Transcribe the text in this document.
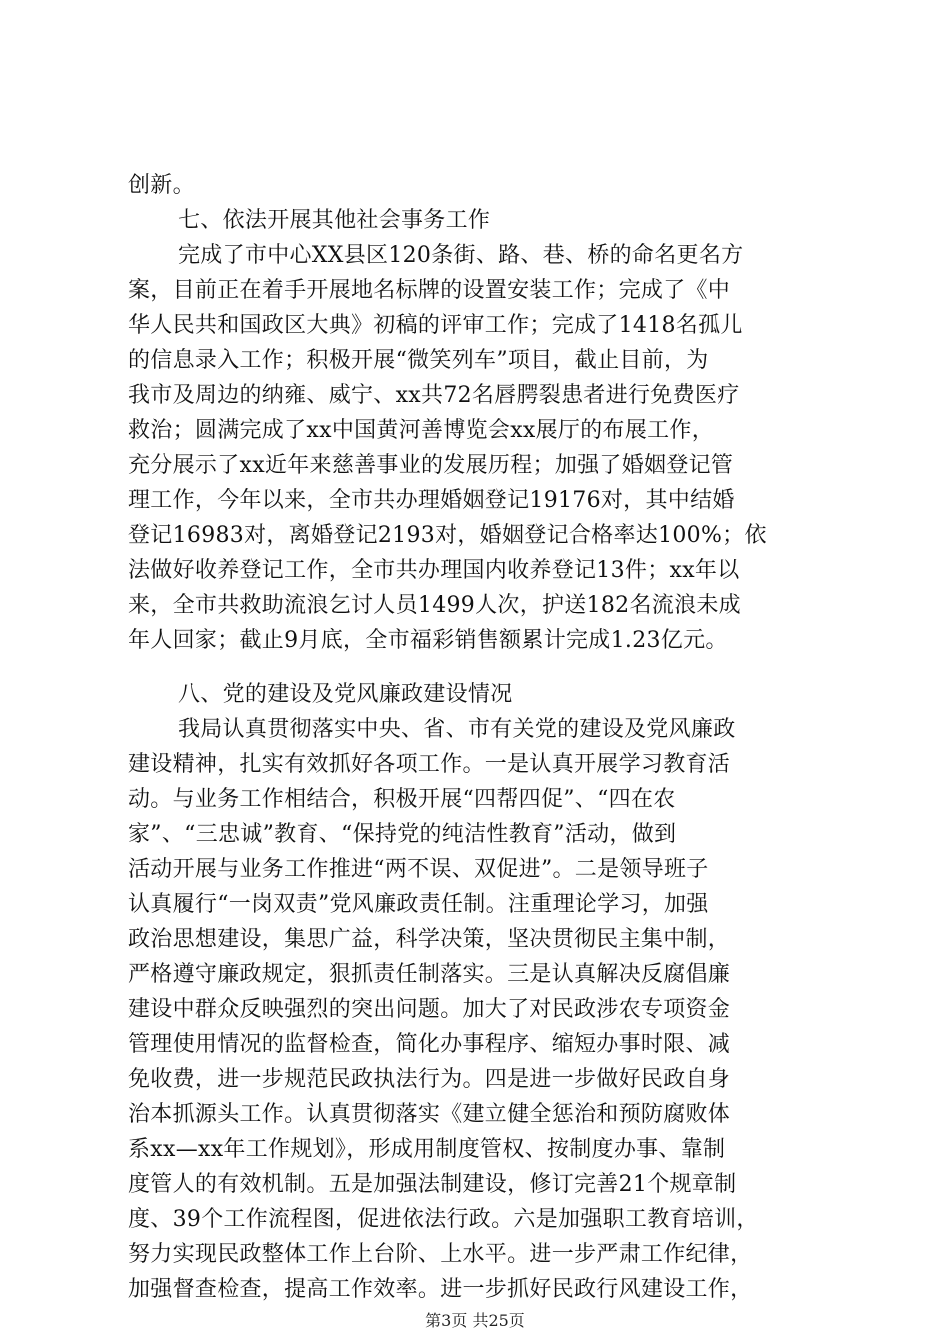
创新。
七、依法开展其他社会事务工作
完成了市中心XX县区120条街、路、巷、桥的命名更名方
案，目前正在着手开展地名标牌的设置安装工作；完成了《中
华人民共和国政区大典》初稿的评审工作；完成了1418名孤儿
的信息录入工作；积极开展“微笑列车”项目，截止目前，为
我市及周边的纳雍、威宁、xx共72名唇腭裂患者进行免费医疗
救治；圆满完成了xx中国黄河善博览会xx展厅的布展工作，
充分展示了xx近年来慈善事业的发展历程；加强了婚姻登记管
理工作，今年以来，全市共办理婚姻登记19176对，其中结婚
登记16983对，离婚登记2193对，婚姻登记合格率达100%；依
法做好收养登记工作，全市共办理国内收养登记13件；xx年以
来，全市共救助流浪乞讨人员1499人次，护送182名流浪未成
年人回家；截止9月底，全市福彩销售额累计完成1.23亿元。
八、党的建设及党风廉政建设情况
我局认真贯彻落实中央、省、市有关党的建设及党风廉政
建设精神，扎实有效抓好各项工作。一是认真开展学习教育活
动。与业务工作相结合，积极开展“四帮四促”、“四在农
家”、“三忠诚”教育、“保持党的纯洁性教育”活动，做到
活动开展与业务工作推进“两不误、双促进”。二是领导班子
认真履行“一岗双责”党风廉政责任制。注重理论学习，加强
政治思想建设，集思广益，科学决策，坚决贯彻民主集中制，
严格遵守廉政规定，狠抓责任制落实。三是认真解决反腐倡廉
建设中群众反映强烈的突出问题。加大了对民政涉农专项资金
管理使用情况的监督检查，简化办事程序、缩短办事时限、减
免收费，进一步规范民政执法行为。四是进一步做好民政自身
治本抓源头工作。认真贯彻落实《建立健全惩治和预防腐败体
系xx—xx年工作规划》，形成用制度管权、按制度办事、靠制
度管人的有效机制。五是加强法制建设，修订完善21个规章制
度、39个工作流程图，促进依法行政。六是加强职工教育培训，
努力实现民政整体工作上台阶、上水平。进一步严肃工作纪律，
加强督查检查，提高工作效率。进一步抓好民政行风建设工作，
第3页 共25页
